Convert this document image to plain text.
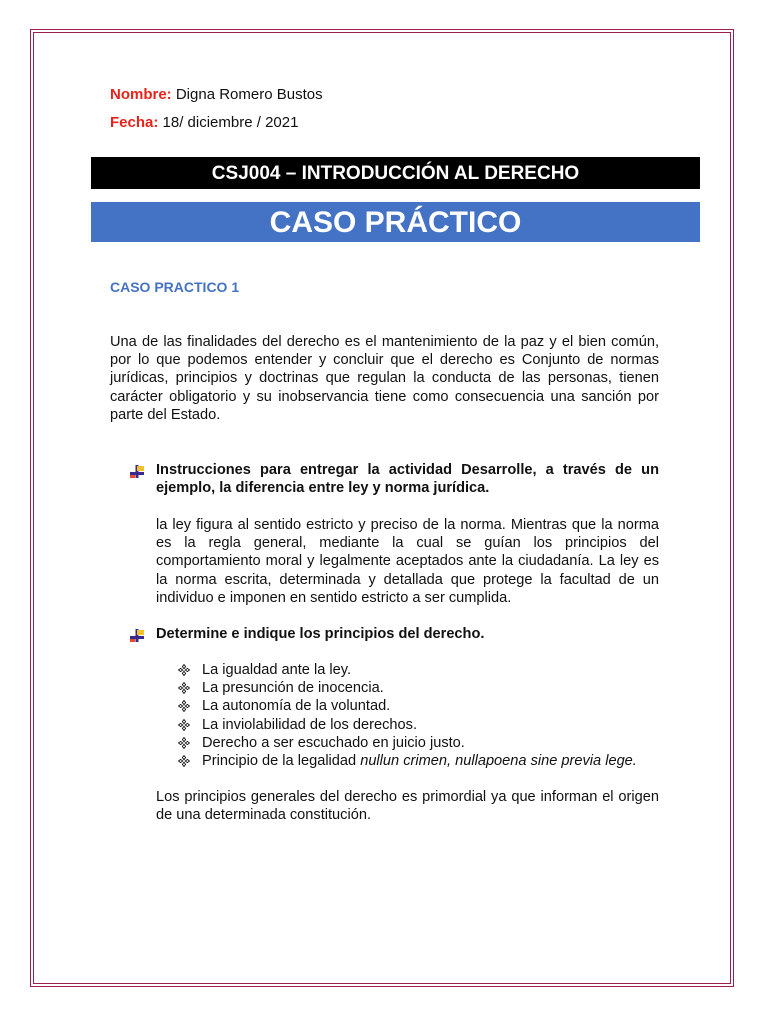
Nombre: Digna Romero Bustos
Fecha: 18/ diciembre / 2021
CSJ004 – INTRODUCCIÓN AL DERECHO
CASO PRÁCTICO
CASO PRACTICO 1

Una de las finalidades del derecho es el mantenimiento de la paz y el bien común, por lo que podemos entender y concluir que el derecho es Conjunto de normas jurídicas, principios y doctrinas que regulan la conducta de las personas, tienen carácter obligatorio y su inobservancia tiene como consecuencia una sanción por parte del Estado.

Instrucciones para entregar la actividad Desarrolle, a través de un ejemplo, la diferencia entre ley y norma jurídica.

la ley figura al sentido estricto y preciso de la norma. Mientras que la norma es la regla general, mediante la cual se guían los principios del comportamiento moral y legalmente aceptados ante la ciudadanía. La ley es la norma escrita, determinada y detallada que protege la facultad de un individuo e imponen en sentido estricto a ser cumplida.

Determine e indique los principios del derecho.
La igualdad ante la ley.
La presunción de inocencia.
La autonomía de la voluntad.
La inviolabilidad de los derechos.
Derecho a ser escuchado en juicio justo.
Principio de la legalidad nullun crimen, nullapoena sine previa lege.

Los principios generales del derecho es primordial ya que informan el origen de una determinada constitución.
